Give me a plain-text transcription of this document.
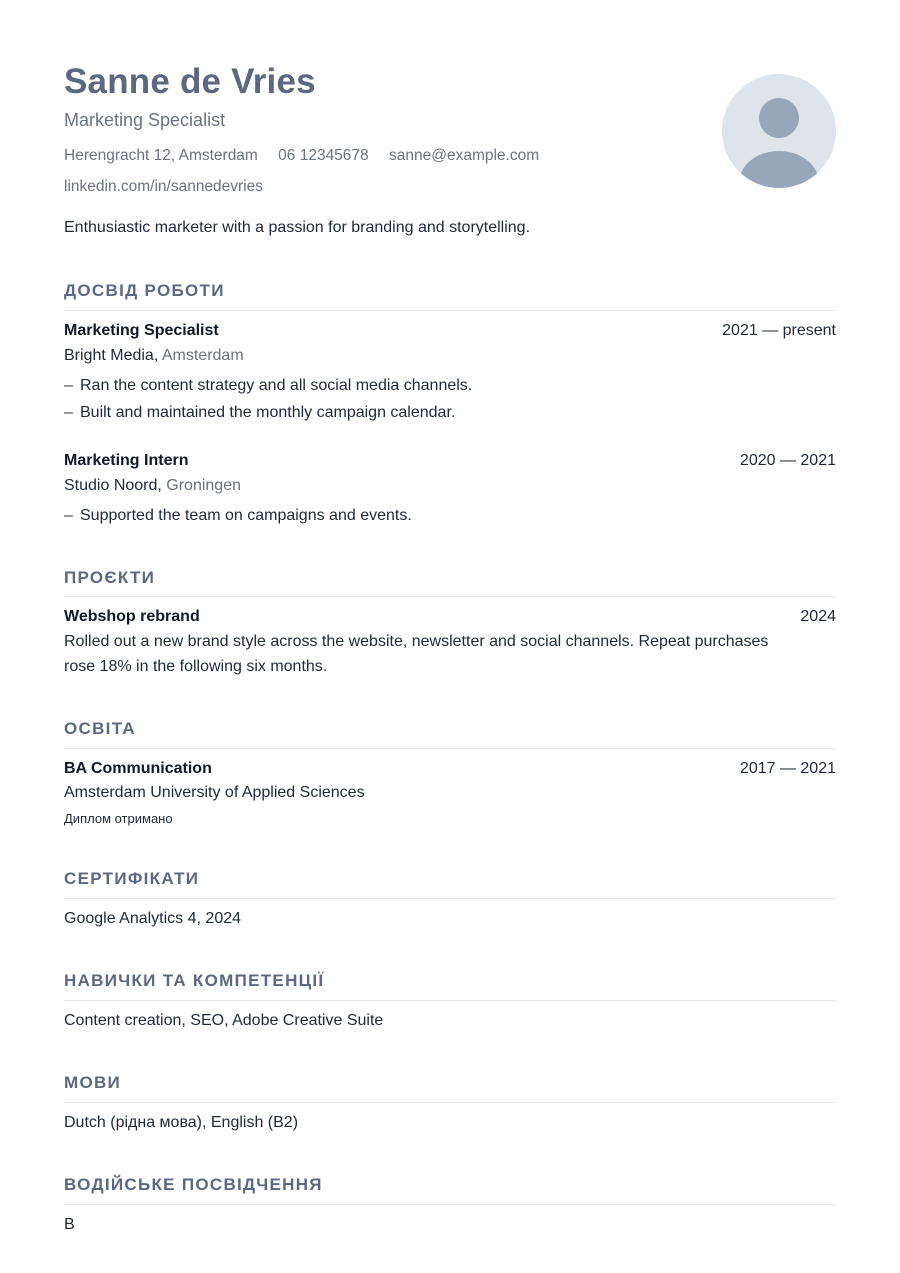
Sanne de Vries
Marketing Specialist
Herengracht 12, Amsterdam 06 12345678 sanne@example.com
linkedin.com/in/sannedevries
Enthusiastic marketer with a passion for branding and storytelling.
ДОСВІД РОБОТИ
Marketing Specialist	2021 — present
Bright Media, Amsterdam
– Ran the content strategy and all social media channels.
– Built and maintained the monthly campaign calendar.
Marketing Intern	2020 — 2021
Studio Noord, Groningen
– Supported the team on campaigns and events.
ПРОЄКТИ
Webshop rebrand	2024
Rolled out a new brand style across the website, newsletter and social channels. Repeat purchases
rose 18% in the following six months.
ОСВІТА
BA Communication	2017 — 2021
Amsterdam University of Applied Sciences
Диплом отримано
СЕРТИФІКАТИ
Google Analytics 4, 2024
НАВИЧКИ ТА КОМПЕТЕНЦІЇ
Content creation, SEO, Adobe Creative Suite
МОВИ
Dutch (рідна мова), English (B2)
ВОДІЙСЬКЕ ПОСВІДЧЕННЯ
B
